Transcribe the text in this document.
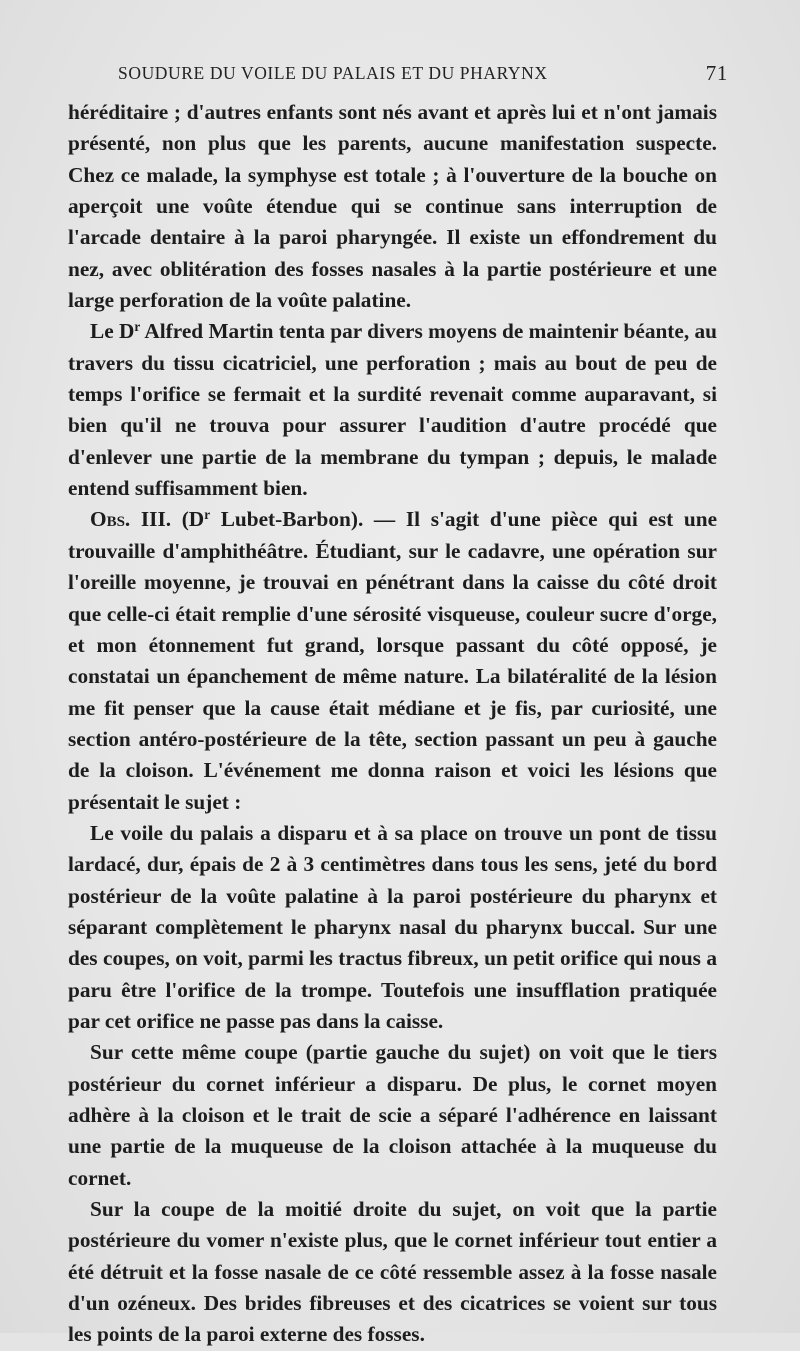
SOUDURE DU VOILE DU PALAIS ET DU PHARYNX	71

héréditaire ; d'autres enfants sont nés avant et après lui et n'ont jamais présenté, non plus que les parents, aucune manifestation suspecte. Chez ce malade, la symphyse est totale ; à l'ouverture de la bouche on aperçoit une voûte étendue qui se continue sans interruption de l'arcade dentaire à la paroi pharyngée. Il existe un effondrement du nez, avec oblitération des fosses nasales à la partie postérieure et une large perforation de la voûte palatine.

Le $D^r$ Alfred Martin tenta par divers moyens de maintenir béante, au travers du tissu cicatriciel, une perforation ; mais au bout de peu de temps l'orifice se fermait et la surdité revenait comme auparavant, si bien qu'il ne trouva pour assurer l'audition d'autre procédé que d'enlever une partie de la membrane du tympan ; depuis, le malade entend suffisamment bien.

Obs. III. ($D^r$ Lubet-Barbon). — Il s'agit d'une pièce qui est une trouvaille d'amphithéâtre. Étudiant, sur le cadavre, une opération sur l'oreille moyenne, je trouvai en pénétrant dans la caisse du côté droit que celle-ci était remplie d'une sérosité visqueuse, couleur sucre d'orge, et mon étonnement fut grand, lorsque passant du côté opposé, je constatai un épanchement de même nature. La bilatéralité de la lésion me fit penser que la cause était médiane et je fis, par curiosité, une section antéro-postérieure de la tête, section passant un peu à gauche de la cloison. L'événement me donna raison et voici les lésions que présentait le sujet :

Le voile du palais a disparu et à sa place on trouve un pont de tissu lardacé, dur, épais de 2 à 3 centimètres dans tous les sens, jeté du bord postérieur de la voûte palatine à la paroi postérieure du pharynx et séparant complètement le pharynx nasal du pharynx buccal. Sur une des coupes, on voit, parmi les tractus fibreux, un petit orifice qui nous a paru être l'orifice de la trompe. Toutefois une insufflation pratiquée par cet orifice ne passe pas dans la caisse.

Sur cette même coupe (partie gauche du sujet) on voit que le tiers postérieur du cornet inférieur a disparu. De plus, le cornet moyen adhère à la cloison et le trait de scie a séparé l'adhérence en laissant une partie de la muqueuse de la cloison attachée à la muqueuse du cornet.

Sur la coupe de la moitié droite du sujet, on voit que la partie postérieure du vomer n'existe plus, que le cornet inférieur tout entier a été détruit et la fosse nasale de ce côté ressemble assez à la fosse nasale d'un ozéneux. Des brides fibreuses et des cicatrices se voient sur tous les points de la paroi externe des fosses.
